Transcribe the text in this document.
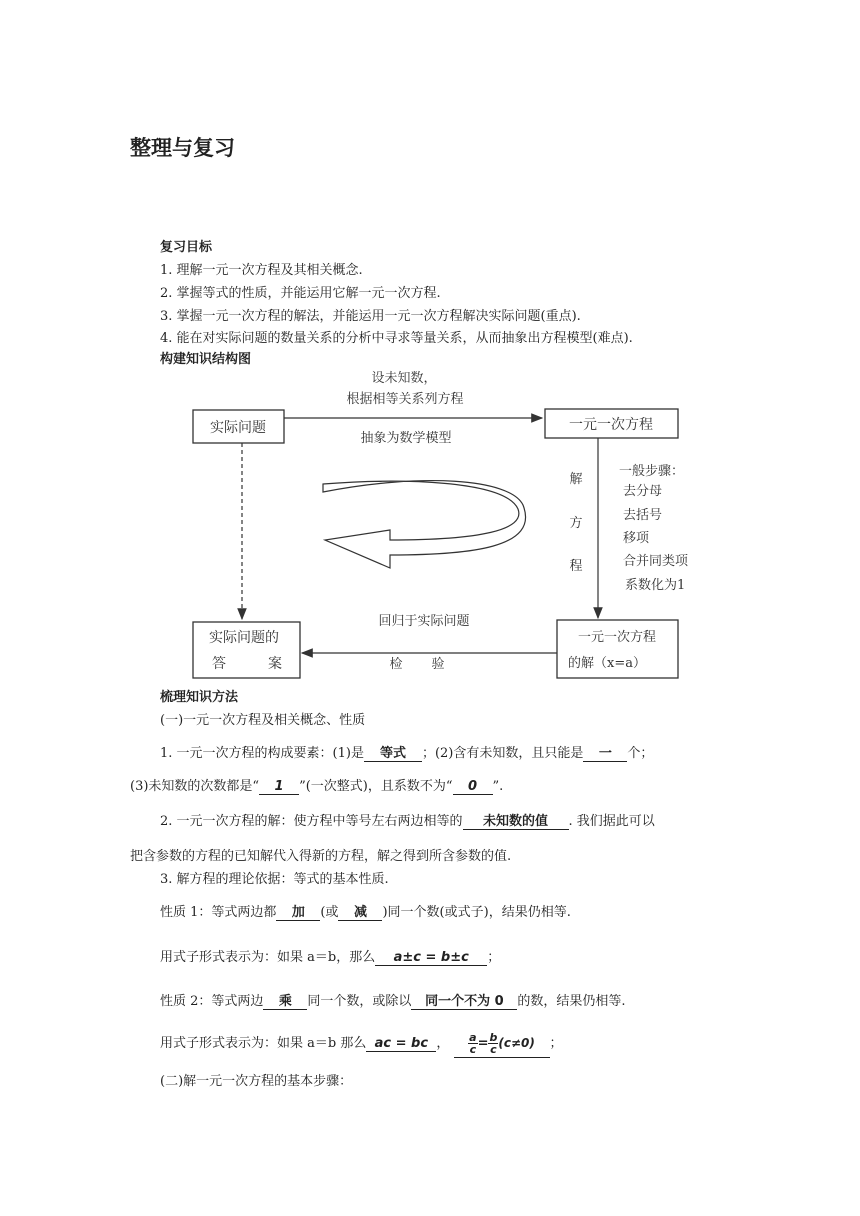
整理与复习
复习目标
1. 理解一元一次方程及其相关概念.
2. 掌握等式的性质，并能运用它解一元一次方程.
3. 掌握一元一次方程的解法，并能运用一元一次方程解决实际问题(重点).
4. 能在对实际问题的数量关系的分析中寻求等量关系，从而抽象出方程模型(难点).
构建知识结构图
设未知数，
根据相等关系列方程
抽象为数学模型
实际问题	一元一次方程
解
方
程
一般步骤：
去分母
去括号
移项
合并同类项
系数化为1
回归于实际问题
检 验
实际问题的
答	案
一元一次方程
的解（x=a）
梳理知识方法
(一)一元一次方程及相关概念、性质
1. 一元一次方程的构成要素：(1)是 等式 ；(2)含有未知数，且只能是 一 个；
(3)未知数的次数都是“ 1 ”(一次整式)，且系数不为“ 0 ”.
2. 一元一次方程的解：使方程中等号左右两边相等的 未知数的值 . 我们据此可以
把含参数的方程的已知解代入得新的方程，解之得到所含参数的值.
3. 解方程的理论依据：等式的基本性质.
性质 1：等式两边都 加 (或 减 )同一个数(或式子)，结果仍相等.
用式子形式表示为：如果 a＝b，那么 a±c = b±c ；
性质 2：等式两边 乘 同一个数，或除以 同一个不为 0 的数，结果仍相等.
用式子形式表示为：如果 a＝b 那么 ac = bc ， $\frac{a}{c} = \frac{b}{c} (c\ne 0)$ ；
(二)解一元一次方程的基本步骤：
